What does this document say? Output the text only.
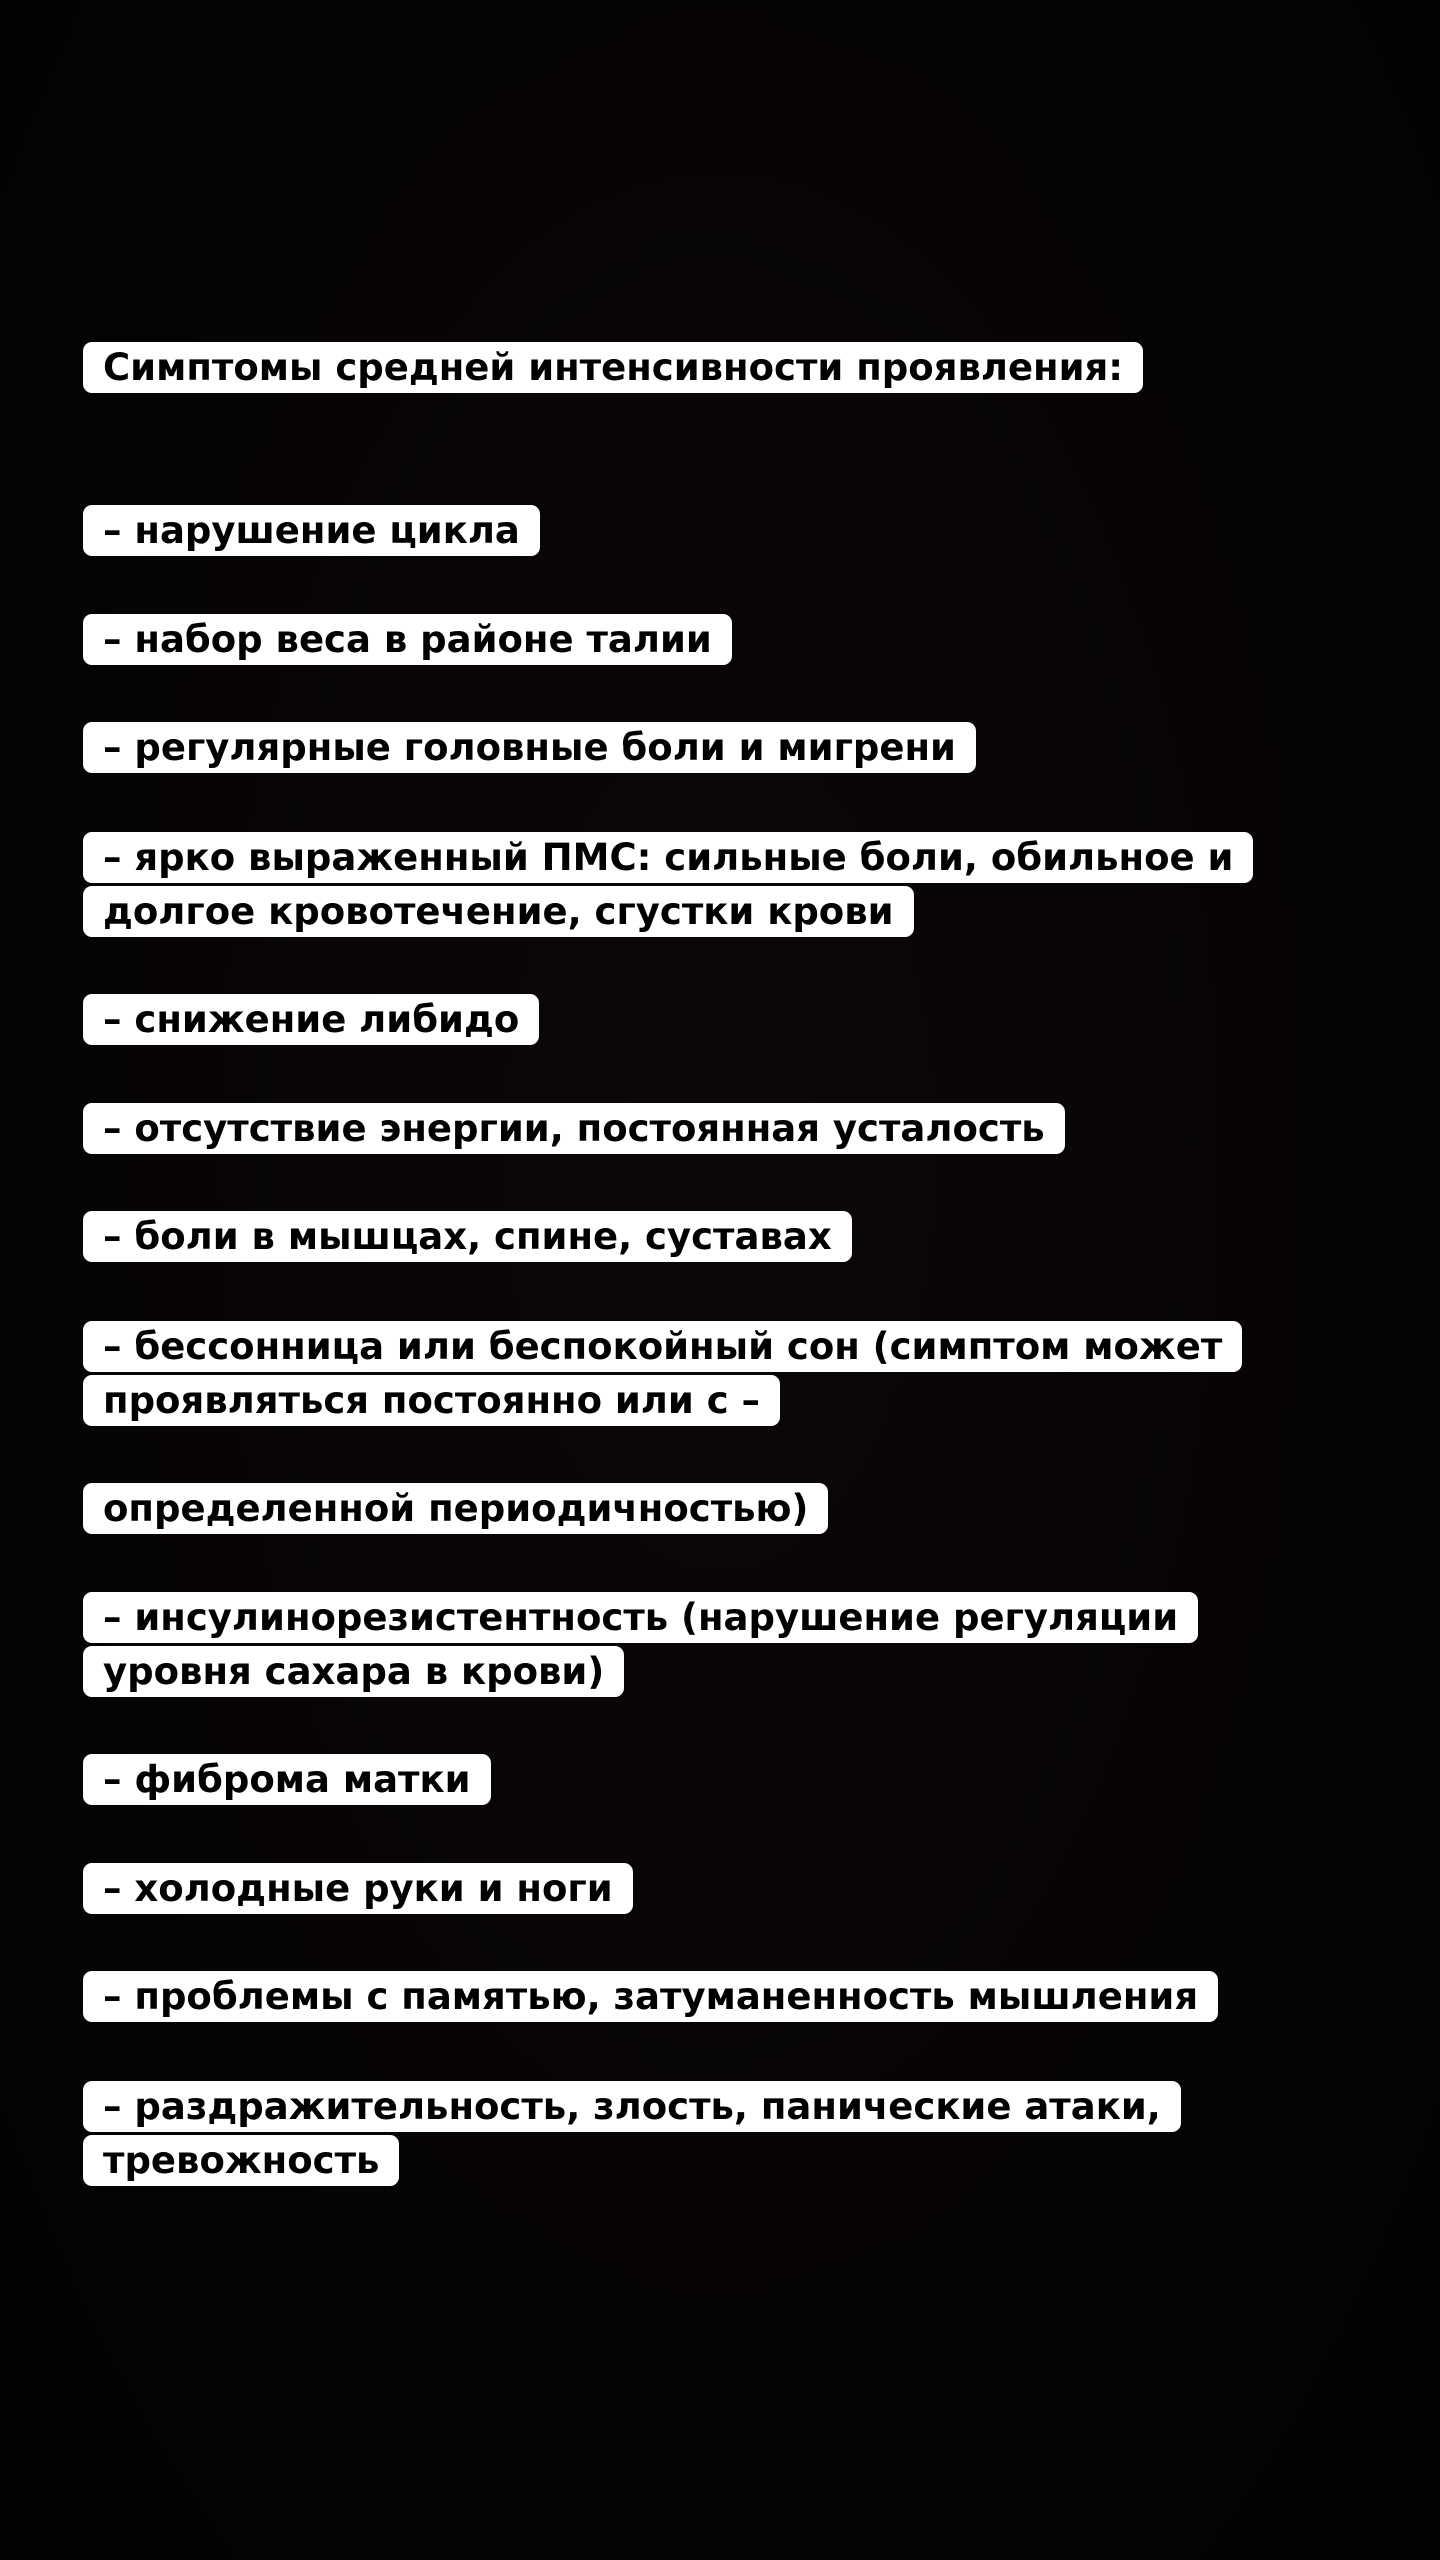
Симптомы средней интенсивности проявления:
– нарушение цикла
– набор веса в районе талии
– регулярные головные боли и мигрени
– ярко выраженный ПМС: сильные боли, обильное и долгое кровотечение, сгустки крови
– снижение либидо
– отсутствие энергии, постоянная усталость
– боли в мышцах, спине, суставах
– бессонница или беспокойный сон (симптом может проявляться постоянно или с –
определенной периодичностью)
– инсулинорезистентность (нарушение регуляции уровня сахара в крови)
– фиброма матки
– холодные руки и ноги
– проблемы с памятью, затуманенность мышления
– раздражительность, злость, панические атаки, тревожность
